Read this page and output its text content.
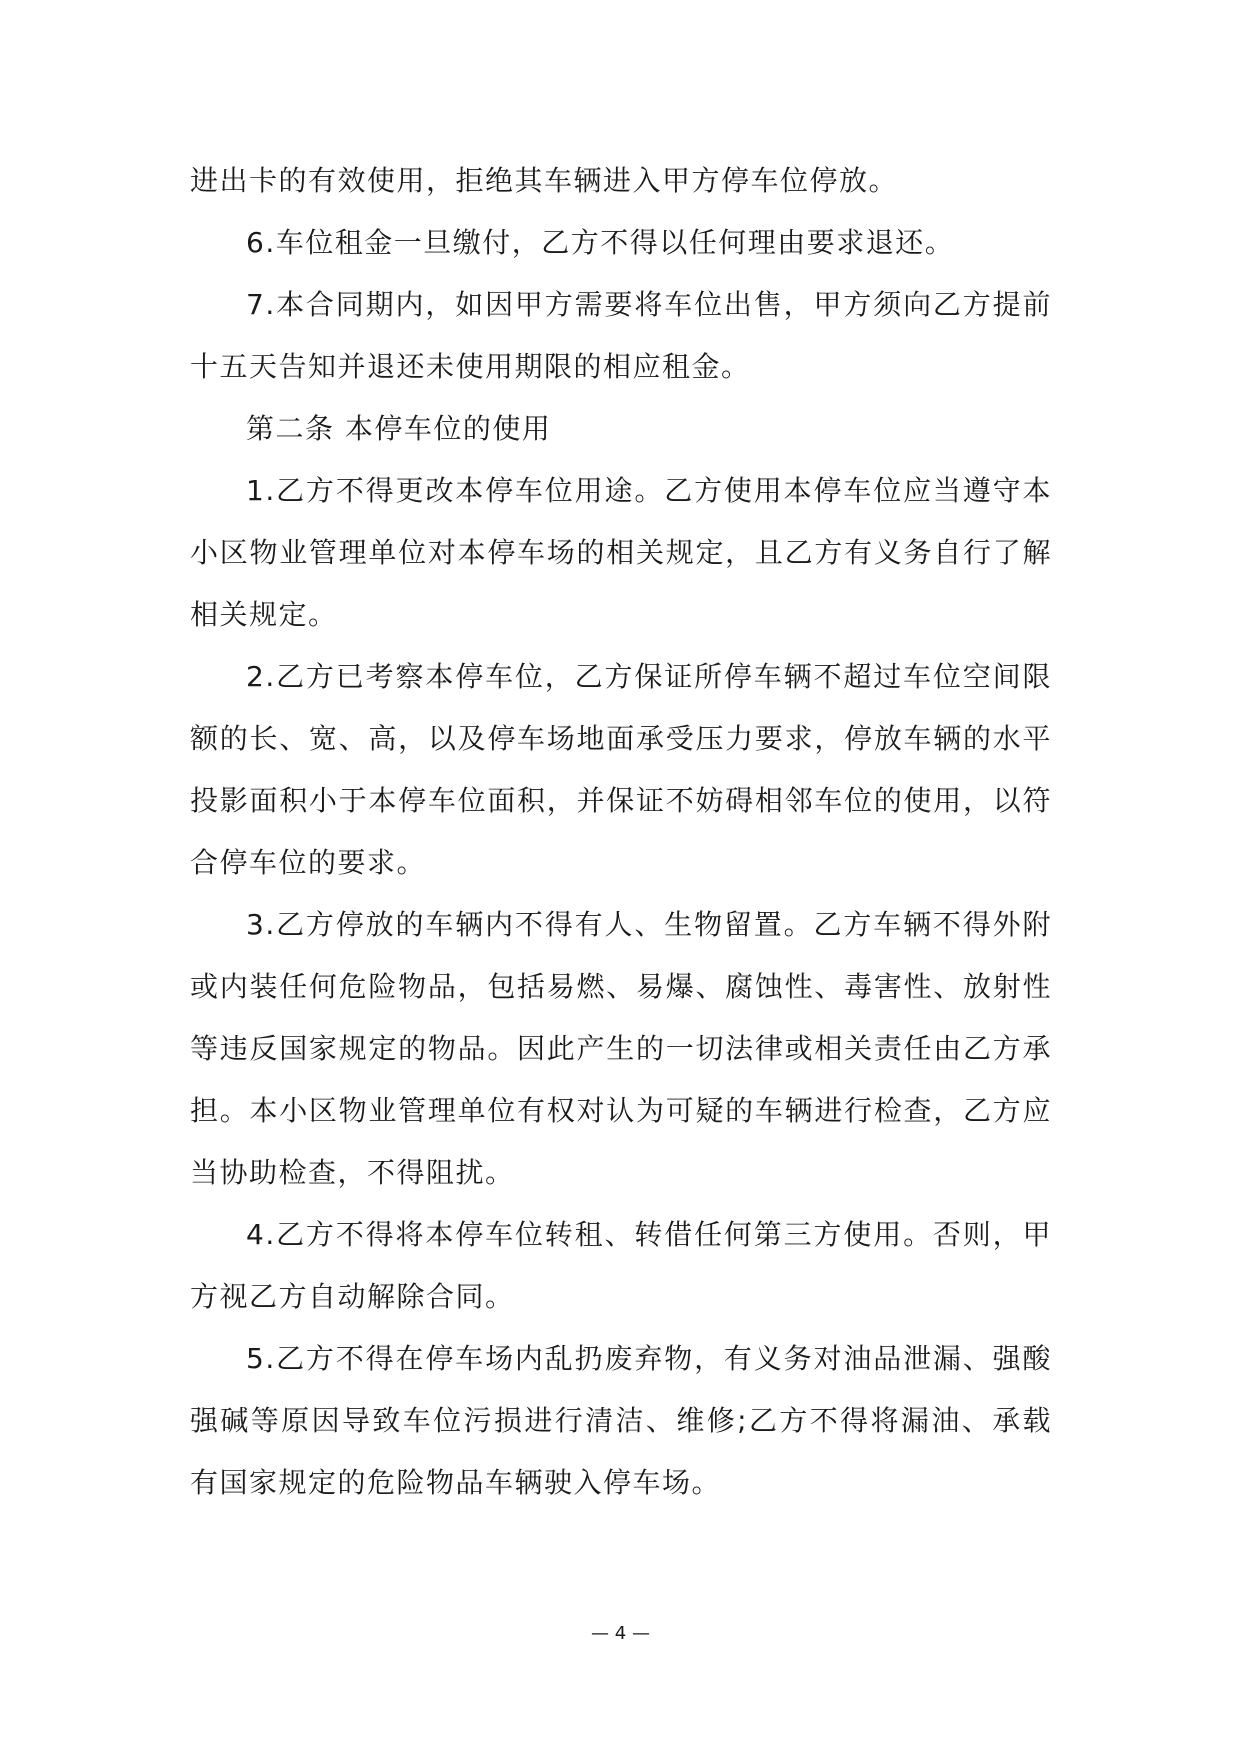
进出卡的有效使用，拒绝其车辆进入甲方停车位停放。

6.车位租金一旦缴付，乙方不得以任何理由要求退还。

7.本合同期内，如因甲方需要将车位出售，甲方须向乙方提前十五天告知并退还未使用期限的相应租金。

第二条 本停车位的使用

1.乙方不得更改本停车位用途。乙方使用本停车位应当遵守本小区物业管理单位对本停车场的相关规定，且乙方有义务自行了解相关规定。

2.乙方已考察本停车位，乙方保证所停车辆不超过车位空间限额的长、宽、高，以及停车场地面承受压力要求，停放车辆的水平投影面积小于本停车位面积，并保证不妨碍相邻车位的使用，以符合停车位的要求。

3.乙方停放的车辆内不得有人、生物留置。乙方车辆不得外附或内装任何危险物品，包括易燃、易爆、腐蚀性、毒害性、放射性等违反国家规定的物品。因此产生的一切法律或相关责任由乙方承担。本小区物业管理单位有权对认为可疑的车辆进行检查，乙方应当协助检查，不得阻扰。

4.乙方不得将本停车位转租、转借任何第三方使用。否则，甲方视乙方自动解除合同。

5.乙方不得在停车场内乱扔废弃物，有义务对油品泄漏、强酸强碱等原因导致车位污损进行清洁、维修;乙方不得将漏油、承载有国家规定的危险物品车辆驶入停车场。

— 4 —
